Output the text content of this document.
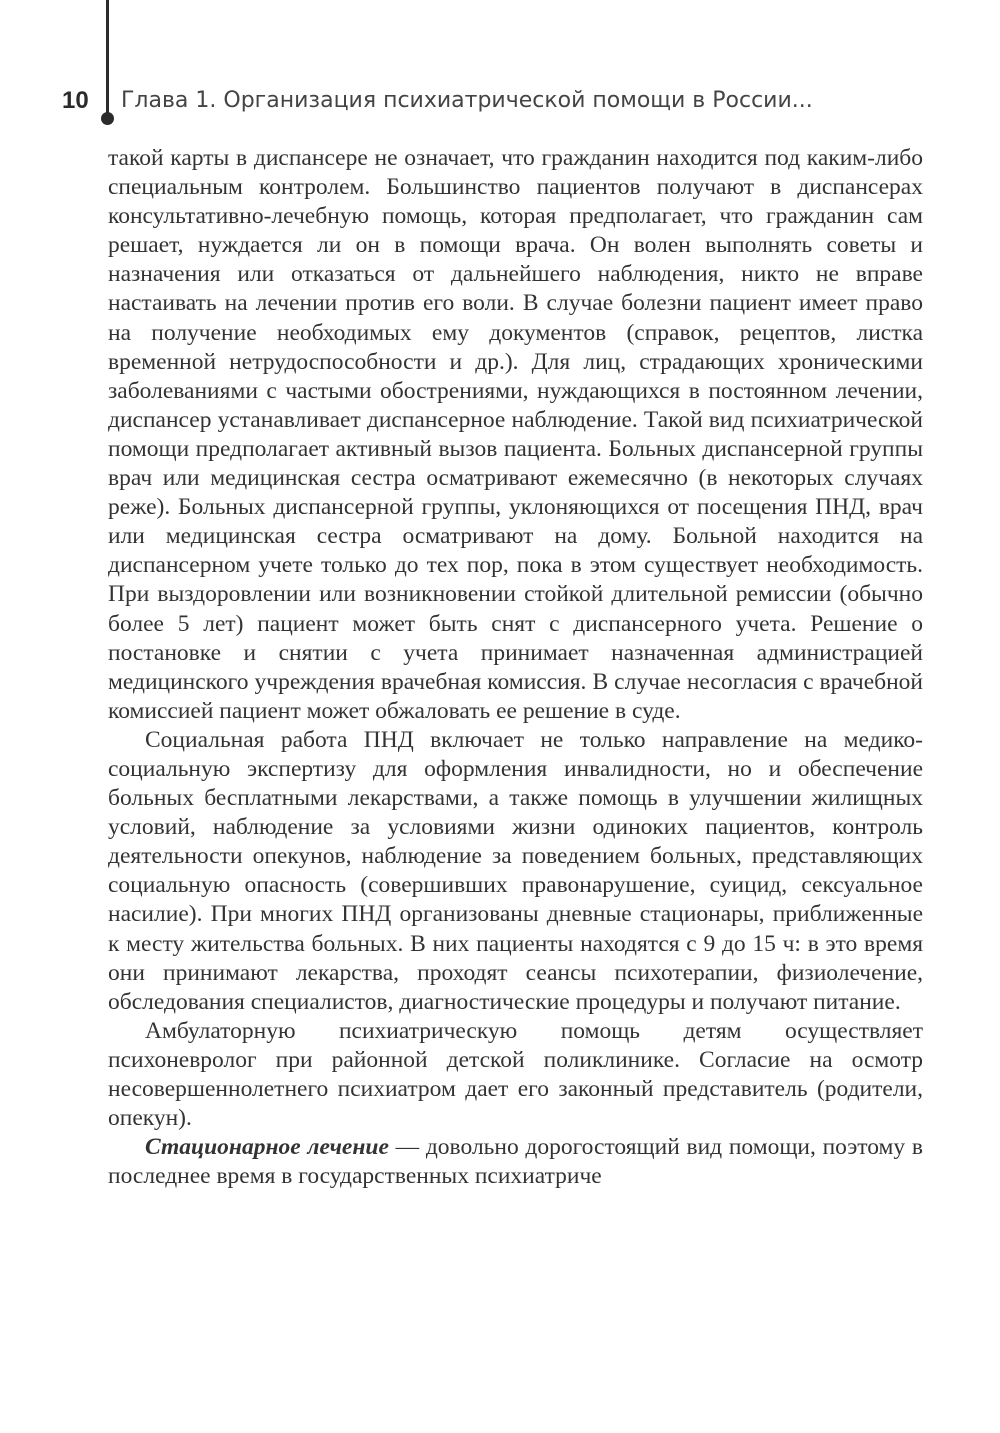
10 Глава 1. Организация психиатрической помощи в России...

такой карты в диспансере не означает, что гражданин находится под каким-либо специальным контролем. Большинство пациентов получают в диспансерах консультативно-лечебную помощь, которая предполагает, что гражданин сам решает, нуждается ли он в помощи врача. Он волен выполнять советы и назначения или отказаться от дальнейшего наблюдения, никто не вправе настаивать на лечении против его воли. В случае болезни пациент имеет право на получение необходимых ему документов (справок, рецептов, листка временной нетрудоспособности и др.). Для лиц, страдающих хроническими заболеваниями с частыми обострениями, нуждающихся в постоянном лечении, диспансер устанавливает диспансерное наблюдение. Такой вид психиатрической помощи предполагает активный вызов пациента. Больных диспансерной группы врач или медицинская сестра осматривают ежемесячно (в некоторых случаях реже). Больных диспансерной группы, уклоняющихся от посещения ПНД, врач или медицинская сестра осматривают на дому. Больной находится на диспансерном учете только до тех пор, пока в этом существует необходимость. При выздоровлении или возникновении стойкой длительной ремиссии (обычно более 5 лет) пациент может быть снят с диспансерного учета. Решение о постановке и снятии с учета принимает назначенная администрацией медицинского учреждения врачебная комиссия. В случае несогласия с врачебной комиссией пациент может обжаловать ее решение в суде.

Социальная работа ПНД включает не только направление на медико-социальную экспертизу для оформления инвалидности, но и обеспечение больных бесплатными лекарствами, а также помощь в улучшении жилищных условий, наблюдение за условиями жизни одиноких пациентов, контроль деятельности опекунов, наблюдение за поведением больных, представляющих социальную опасность (совершивших правонарушение, суицид, сексуальное насилие). При многих ПНД организованы дневные стационары, приближенные к месту жительства больных. В них пациенты находятся с 9 до 15 ч: в это время они принимают лекарства, проходят сеансы психотерапии, физиолечение, обследования специалистов, диагностические процедуры и получают питание.

Амбулаторную психиатрическую помощь детям осуществляет психоневролог при районной детской поликлинике. Согласие на осмотр несовершеннолетнего психиатром дает его законный представитель (родители, опекун).

Стационарное лечение — довольно дорогостоящий вид помощи, поэтому в последнее время в государственных психиатриче
